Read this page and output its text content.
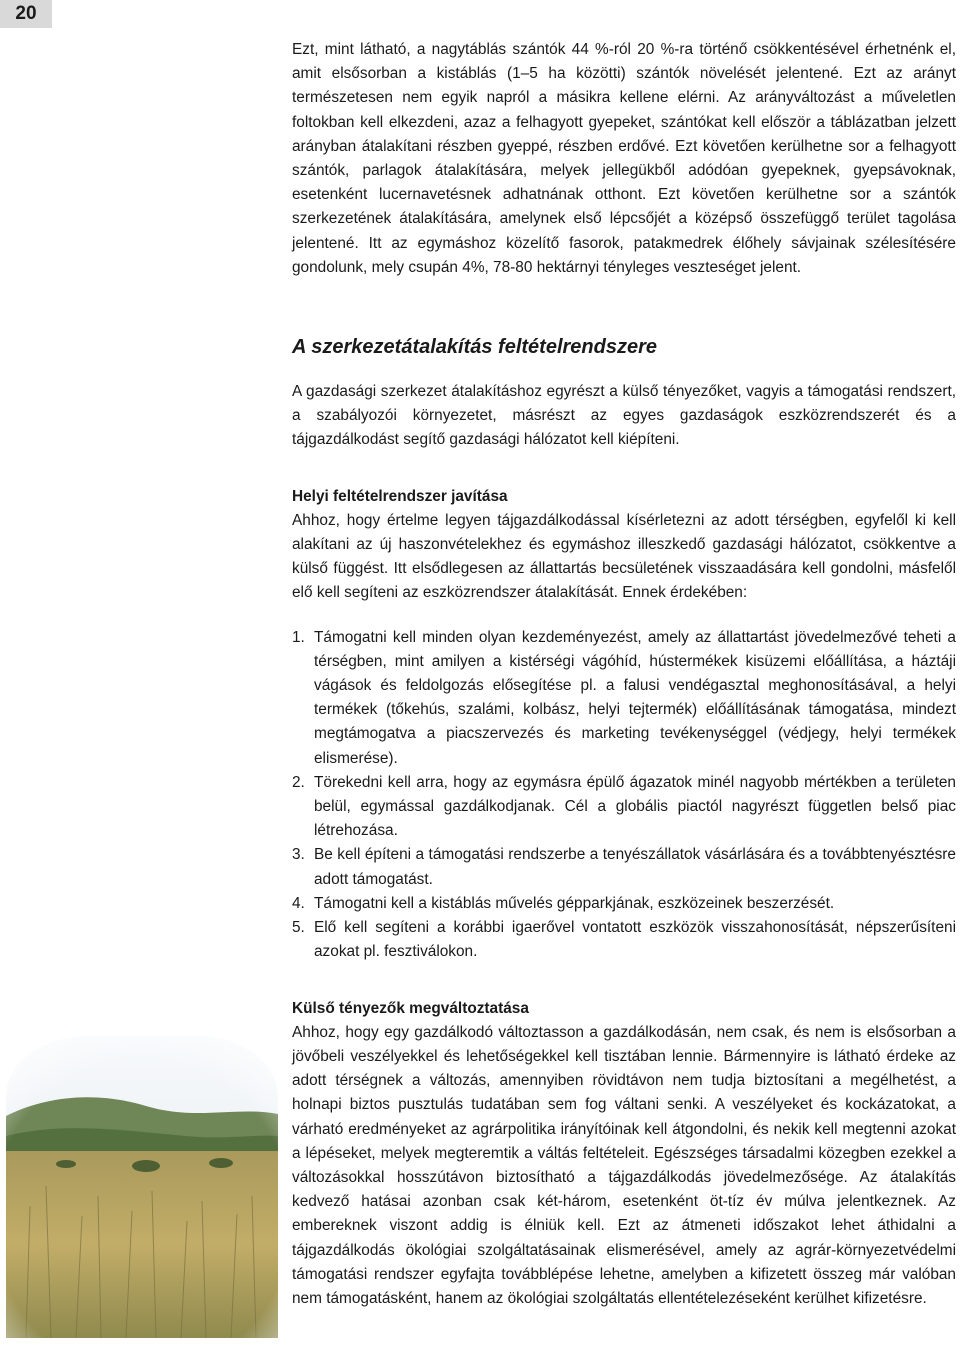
20

Ezt, mint látható, a nagytáblás szántók 44 %-ról 20 %-ra történő csökkentésével érhetnénk el, amit elsősorban a kistáblás (1–5 ha közötti) szántók növelését jelentené. Ezt az arányt természetesen nem egyik napról a másikra kellene elérni. Az arányváltozást a műveletlen foltokban kell elkezdeni, azaz a felhagyott gyepeket, szántókat kell először a táblázatban jelzett arányban átalakítani részben gyeppé, részben erdővé. Ezt követően kerülhetne sor a felhagyott szántók, parlagok átalakítására, melyek jellegükből adódóan gyepeknek, gyepsávoknak, esetenként lucernavetésnek adhatnának otthont. Ezt követően kerülhetne sor a szántók szerkezetének átalakítására, amelynek első lépcsőjét a középső összefüggő terület tagolása jelentené. Itt az egymáshoz közelítő fasorok, patakmedrek élőhely sávjainak szélesítésére gondolunk, mely csupán 4%, 78-80 hektárnyi tényleges veszteséget jelent.

A szerkezetátalakítás feltételrendszere

A gazdasági szerkezet átalakításhoz egyrészt a külső tényezőket, vagyis a támogatási rendszert, a szabályozói környezetet, másrészt az egyes gazdaságok eszközrendszerét és a tájgazdálkodást segítő gazdasági hálózatot kell kiépíteni.

Helyi feltételrendszer javítása

Ahhoz, hogy értelme legyen tájgazdálkodással kísérletezni az adott térségben, egyfelől ki kell alakítani az új haszonvételekhez és egymáshoz illeszkedő gazdasági hálózatot, csökkentve a külső függést. Itt elsődlegesen az állattartás becsületének visszaadására kell gondolni, másfelől elő kell segíteni az eszközrendszer átalakítását. Ennek érdekében:

1. Támogatni kell minden olyan kezdeményezést, amely az állattartást jövedelmezővé teheti a térségben, mint amilyen a kistérségi vágóhíd, hústermékek kisüzemi előállítása, a háztáji vágások és feldolgozás elősegítése pl. a falusi vendégasztal meghonosításával, a helyi termékek (tőkehús, szalámi, kolbász, helyi tejtermék) előállításának támogatása, mindezt megtámogatva a piacszervezés és marketing tevékenységgel (védjegy, helyi termékek elismerése).
2. Törekedni kell arra, hogy az egymásra épülő ágazatok minél nagyobb mértékben a területen belül, egymással gazdálkodjanak. Cél a globális piactól nagyrészt független belső piac létrehozása.
3. Be kell építeni a támogatási rendszerbe a tenyészállatok vásárlására és a továbbtenyésztésre adott támogatást.
4. Támogatni kell a kistáblás művelés gépparkjának, eszközeinek beszerzését.
5. Elő kell segíteni a korábbi igaerővel vontatott eszközök visszahonosítását, népszerűsíteni azokat pl. fesztiválokon.

Külső tényezők megváltoztatása

Ahhoz, hogy egy gazdálkodó változtasson a gazdálkodásán, nem csak, és nem is elsősorban a jövőbeli veszélyekkel és lehetőségekkel kell tisztában lennie. Bármennyire is látható érdeke az adott térségnek a változás, amennyiben rövidtávon nem tudja biztosítani a megélhetést, a holnapi biztos pusztulás tudatában sem fog váltani senki. A veszélyeket és kockázatokat, a várható eredményeket az agrárpolitika irányítóinak kell átgondolni, és nekik kell megtenni azokat a lépéseket, melyek megteremtik a váltás feltételeit. Egészséges társadalmi közegben ezekkel a változásokkal hosszútávon biztosítható a tájgazdálkodás jövedelmezősége. Az átalakítás kedvező hatásai azonban csak két-három, esetenként öt-tíz év múlva jelentkeznek. Az embereknek viszont addig is élniük kell. Ezt az átmeneti időszakot lehet áthidalni a tájgazdálkodás ökológiai szolgáltatásainak elismerésével, amely az agrár-környezetvédelmi támogatási rendszer egyfajta továbblépése lehetne, amelyben a kifizetett összeg már valóban nem támogatásként, hanem az ökológiai szolgáltatás ellentételezéseként kerülhet kifizetésre.
